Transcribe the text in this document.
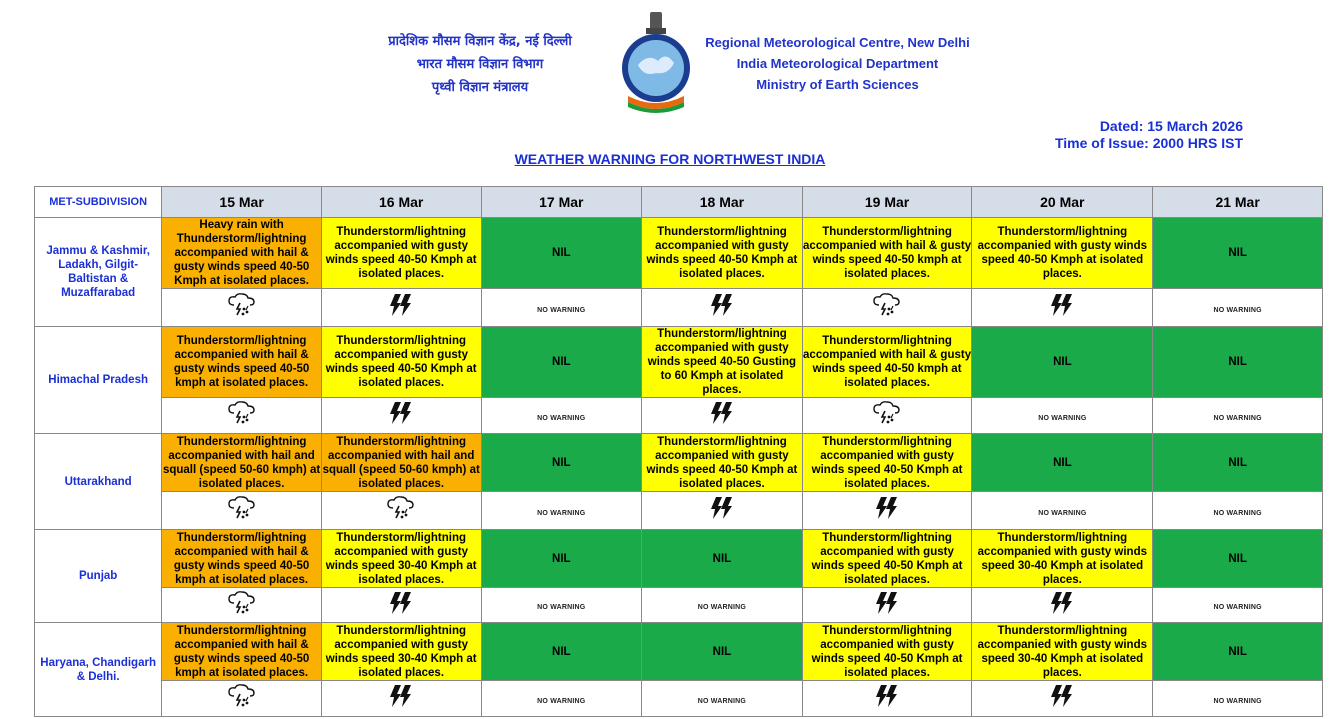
प्रादेशिक मौसम विज्ञान केंद्र, नई दिल्ली
भारत मौसम विज्ञान विभाग
पृथ्वी विज्ञान मंत्रालय
Regional Meteorological Centre, New Delhi
India Meteorological Department
Ministry of Earth Sciences
Dated: 15 March 2026
Time of Issue: 2000 HRS IST
WEATHER WARNING FOR NORTHWEST INDIA
MET-SUBDIVISION	15 Mar	16 Mar	17 Mar	18 Mar	19 Mar	20 Mar	21 Mar
Jammu & Kashmir, Ladakh, Gilgit-Baltistan & Muzaffarabad	Heavy rain with Thunderstorm/lightning accompanied with hail & gusty winds speed 40-50 Kmph at isolated places.	Thunderstorm/lightning accompanied with gusty winds speed 40-50 Kmph at isolated places.	NIL	Thunderstorm/lightning accompanied with gusty winds speed 40-50 Kmph at isolated places.	Thunderstorm/lightning accompanied with hail & gusty winds speed 40-50 kmph at isolated places.	Thunderstorm/lightning accompanied with gusty winds speed 40-50 Kmph at isolated places.	NIL
		NO WARNING				NO WARNING
Himachal Pradesh	Thunderstorm/lightning accompanied with hail & gusty winds speed 40-50 kmph at isolated places.	Thunderstorm/lightning accompanied with gusty winds speed 40-50 Kmph at isolated places.	NIL	Thunderstorm/lightning accompanied with gusty winds speed 40-50 Gusting to 60 Kmph at isolated places.	Thunderstorm/lightning accompanied with hail & gusty winds speed 40-50 kmph at isolated places.	NIL	NIL
		NO WARNING			NO WARNING	NO WARNING
Uttarakhand	Thunderstorm/lightning accompanied with hail and squall (speed 50-60 kmph) at isolated places.	Thunderstorm/lightning accompanied with hail and squall (speed 50-60 kmph) at isolated places.	NIL	Thunderstorm/lightning accompanied with gusty winds speed 40-50 Kmph at isolated places.	Thunderstorm/lightning accompanied with gusty winds speed 40-50 Kmph at isolated places.	NIL	NIL
		NO WARNING			NO WARNING	NO WARNING
Punjab	Thunderstorm/lightning accompanied with hail & gusty winds speed 40-50 kmph at isolated places.	Thunderstorm/lightning accompanied with gusty winds speed 30-40 Kmph at isolated places.	NIL	NIL	Thunderstorm/lightning accompanied with gusty winds speed 40-50 Kmph at isolated places.	Thunderstorm/lightning accompanied with gusty winds speed 30-40 Kmph at isolated places.	NIL
		NO WARNING	NO WARNING			NO WARNING
Haryana, Chandigarh & Delhi.	Thunderstorm/lightning accompanied with hail & gusty winds speed 40-50 kmph at isolated places.	Thunderstorm/lightning accompanied with gusty winds speed 30-40 Kmph at isolated places.	NIL	NIL	Thunderstorm/lightning accompanied with gusty winds speed 40-50 Kmph at isolated places.	Thunderstorm/lightning accompanied with gusty winds speed 30-40 Kmph at isolated places.	NIL
		NO WARNING	NO WARNING			NO WARNING
